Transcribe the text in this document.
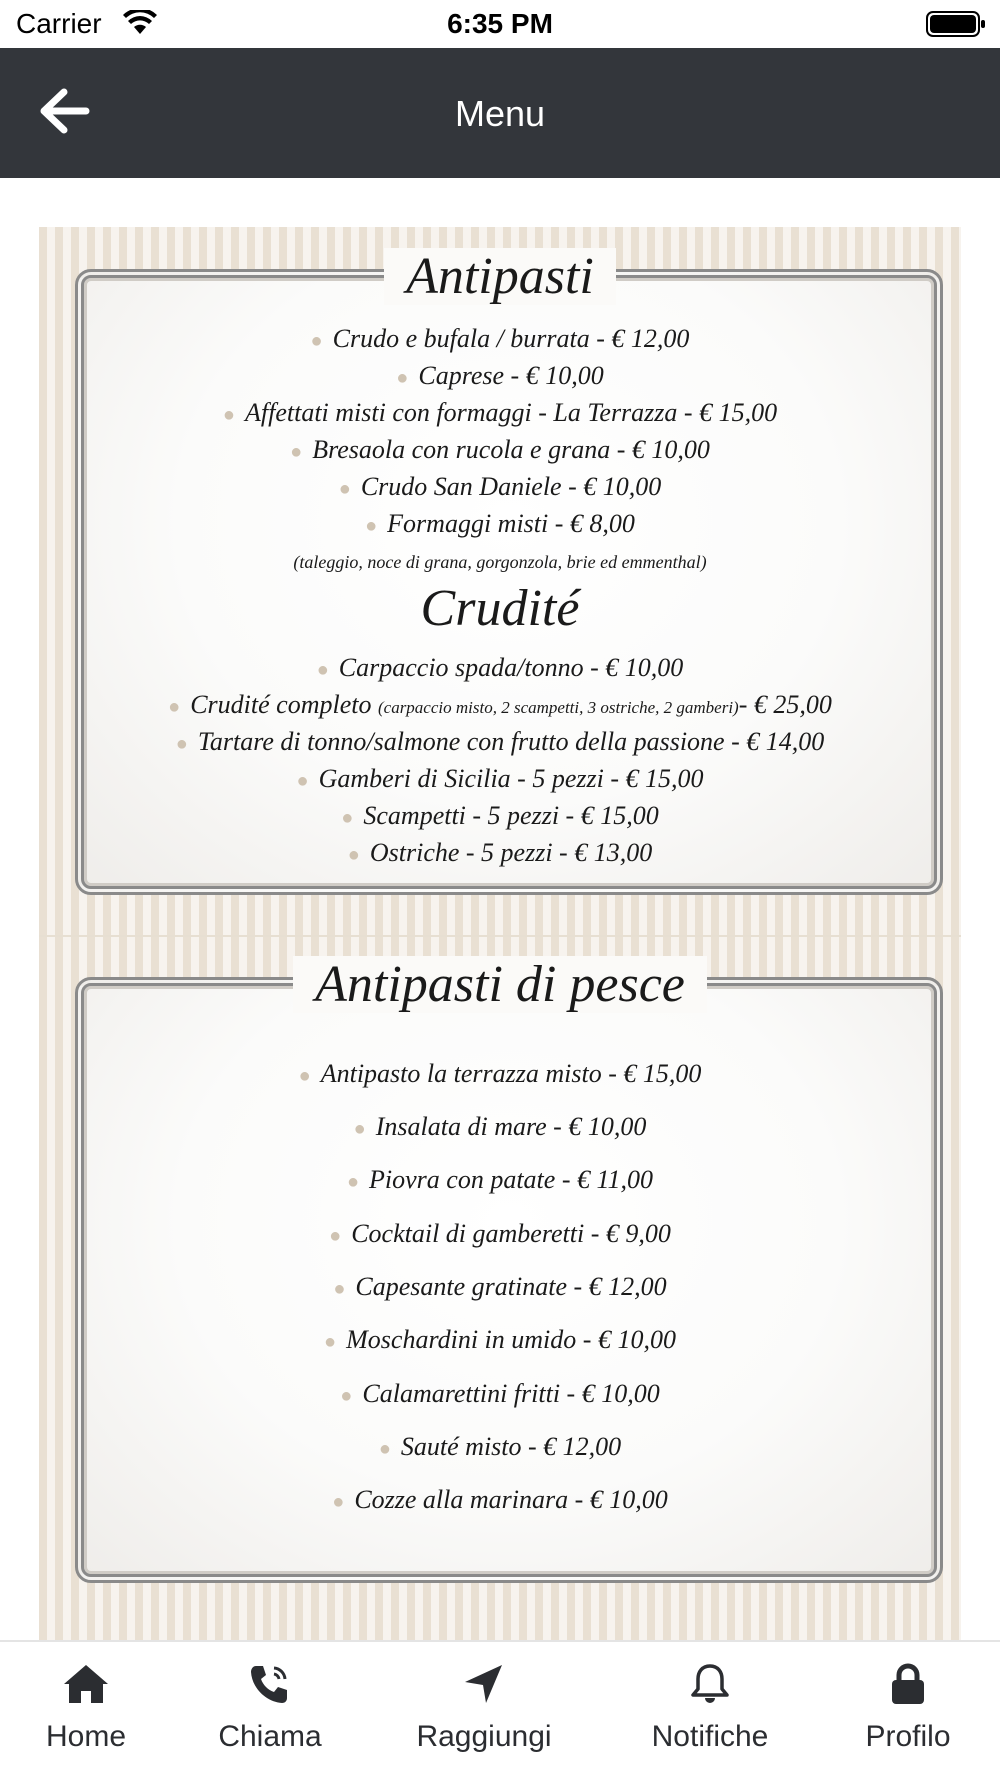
Carrier	6:35 PM
Menu
Antipasti
● Crudo e bufala / burrata - € 12,00
● Caprese - € 10,00
● Affettati misti con formaggi - La Terrazza - € 15,00
● Bresaola con rucola e grana - € 10,00
● Crudo San Daniele - € 10,00
● Formaggi misti - € 8,00
(taleggio, noce di grana, gorgonzola, brie ed emmenthal)
Crudité
● Carpaccio spada/tonno - € 10,00
● Crudité completo (carpaccio misto, 2 scampetti, 3 ostriche, 2 gamberi)- € 25,00
● Tartare di tonno/salmone con frutto della passione - € 14,00
● Gamberi di Sicilia - 5 pezzi - € 15,00
● Scampetti - 5 pezzi - € 15,00
● Ostriche - 5 pezzi - € 13,00
Antipasti di pesce
● Antipasto la terrazza misto - € 15,00
● Insalata di mare - € 10,00
● Piovra con patate - € 11,00
● Cocktail di gamberetti - € 9,00
● Capesante gratinate - € 12,00
● Moschardini in umido - € 10,00
● Calamarettini fritti - € 10,00
● Sauté misto - € 12,00
● Cozze alla marinara - € 10,00
Home	Chiama	Raggiungi	Notifiche	Profilo
